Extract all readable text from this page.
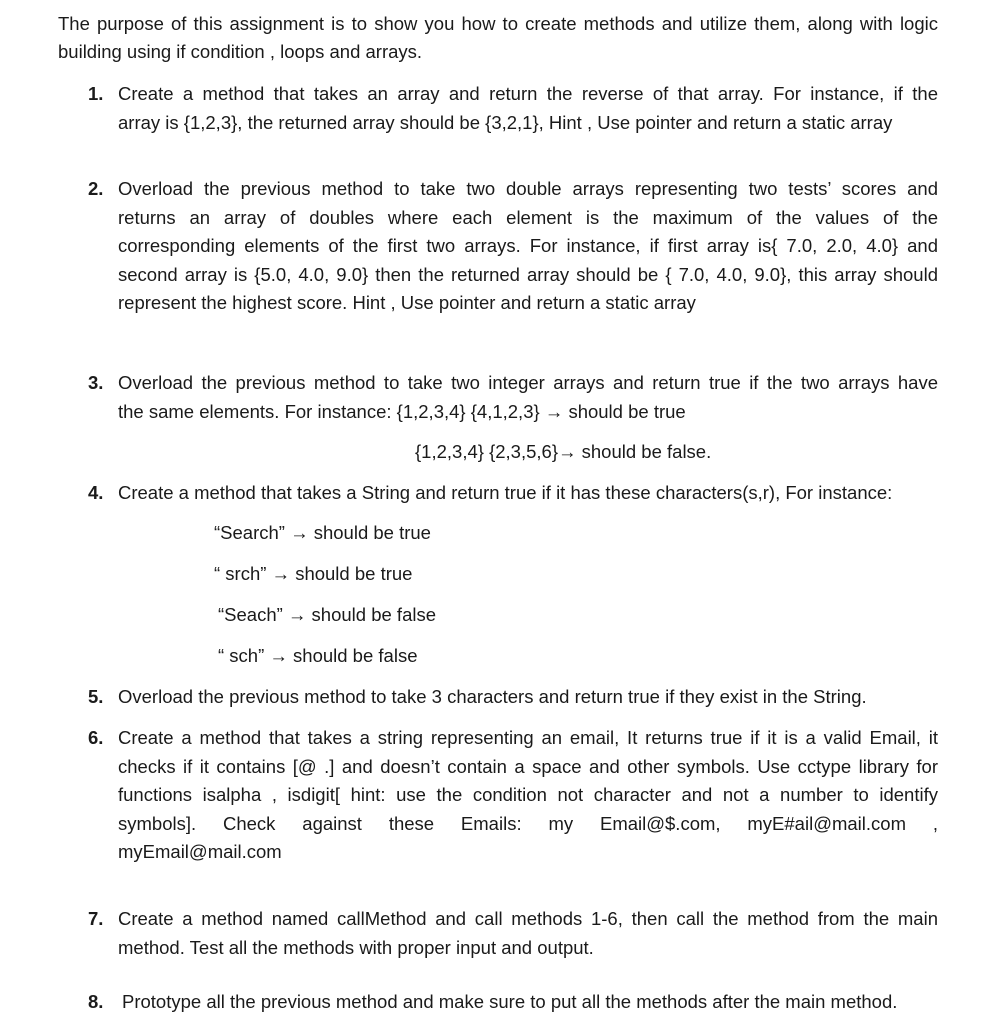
The purpose of this assignment is to show you how to create methods and utilize them, along with logic
building using if condition , loops and arrays.
1. Create a method that takes an array and return the reverse of that array. For instance, if the
array is {1,2,3}, the returned array should be {3,2,1}, Hint , Use pointer and return a static array
2. Overload the previous method to take two double arrays representing two tests’ scores and
returns an array of doubles where each element is the maximum of the values of the
corresponding elements of the first two arrays. For instance, if first array is{ 7.0, 2.0, 4.0} and
second array is {5.0, 4.0, 9.0} then the returned array should be { 7.0, 4.0, 9.0}, this array should
represent the highest score. Hint , Use pointer and return a static array
3. Overload the previous method to take two integer arrays and return true if the two arrays have
the same elements. For instance: {1,2,3,4} {4,1,2,3} → should be true
{1,2,3,4} {2,3,5,6}→ should be false.
4. Create a method that takes a String and return true if it has these characters(s,r), For instance:
“Search” → should be true
“ srch” → should be true
“Seach” → should be false
“ sch” → should be false
5. Overload the previous method to take 3 characters and return true if they exist in the String.
6. Create a method that takes a string representing an email, It returns true if it is a valid Email, it
checks if it contains [@ .] and doesn’t contain a space and other symbols. Use cctype library for
functions isalpha , isdigit[ hint: use the condition not character and not a number to identify
symbols]. Check against these Emails: my Email@$.com, myE#ail@mail.com ,
myEmail@mail.com
7. Create a method named callMethod and call methods 1-6, then call the method from the main
method. Test all the methods with proper input and output.
8.	Prototype all the previous method and make sure to put all the methods after the main method.
